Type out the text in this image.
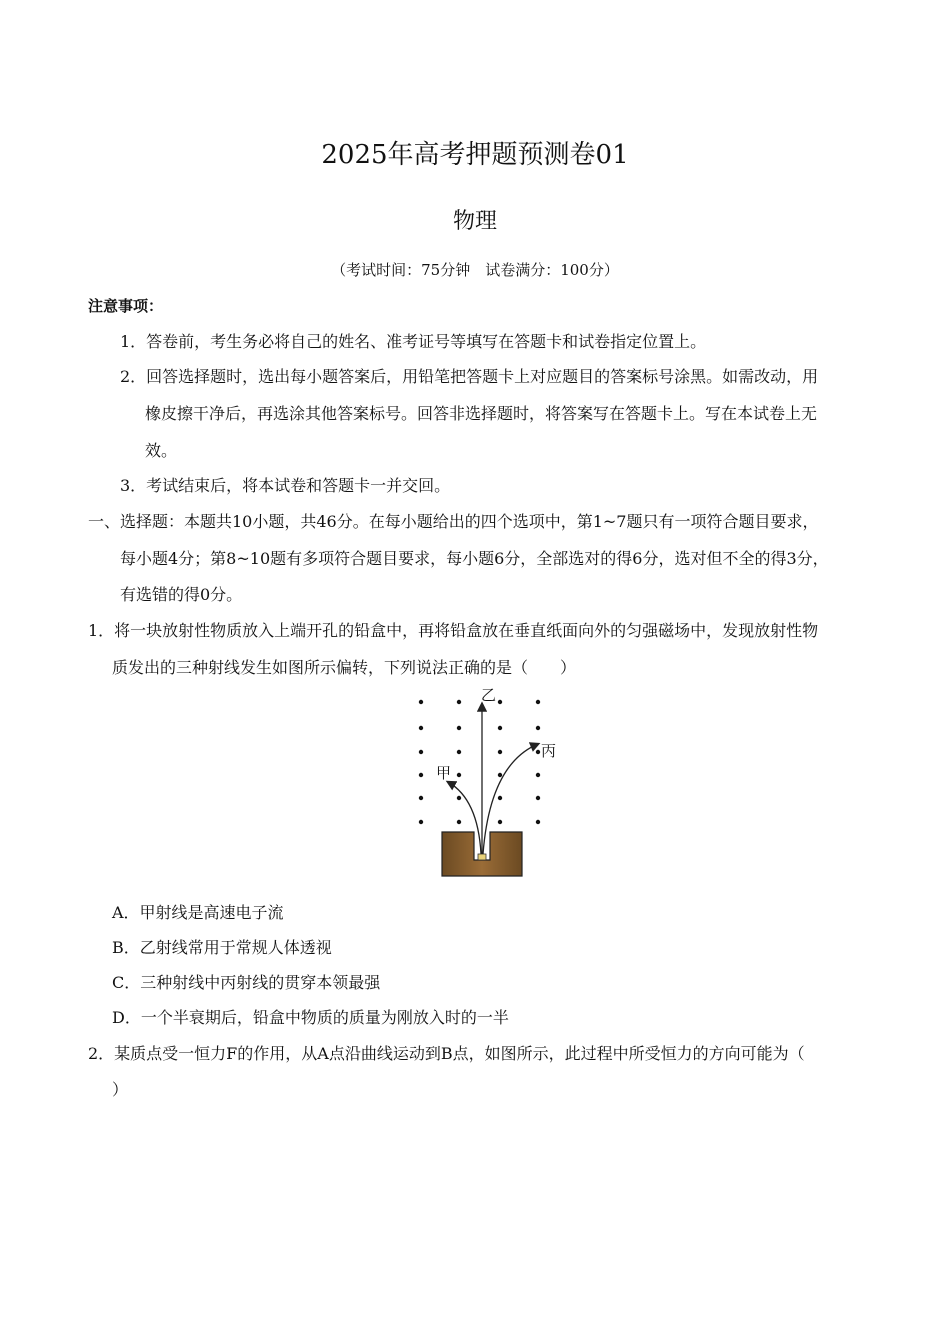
2025年高考押题预测卷01
物理
（考试时间：75分钟　试卷满分：100分）
注意事项：
1．答卷前，考生务必将自己的姓名、准考证号等填写在答题卡和试卷指定位置上。
2．回答选择题时，选出每小题答案后，用铅笔把答题卡上对应题目的答案标号涂黑。如需改动，用
橡皮擦干净后，再选涂其他答案标号。回答非选择题时，将答案写在答题卡上。写在本试卷上无
效。
3．考试结束后，将本试卷和答题卡一并交回。
一、选择题：本题共10小题，共46分。在每小题给出的四个选项中，第1~7题只有一项符合题目要求，
每小题4分；第8~10题有多项符合题目要求，每小题6分，全部选对的得6分，选对但不全的得3分，
有选错的得0分。
1．将一块放射性物质放入上端开孔的铅盒中，再将铅盒放在垂直纸面向外的匀强磁场中，发现放射性物
质发出的三种射线发生如图所示偏转，下列说法正确的是（　　）
乙
甲
丙
A．甲射线是高速电子流
B．乙射线常用于常规人体透视
C．三种射线中丙射线的贯穿本领最强
D．一个半衰期后，铅盒中物质的质量为刚放入时的一半
2．某质点受一恒力F的作用，从A点沿曲线运动到B点，如图所示，此过程中所受恒力的方向可能为（
）
